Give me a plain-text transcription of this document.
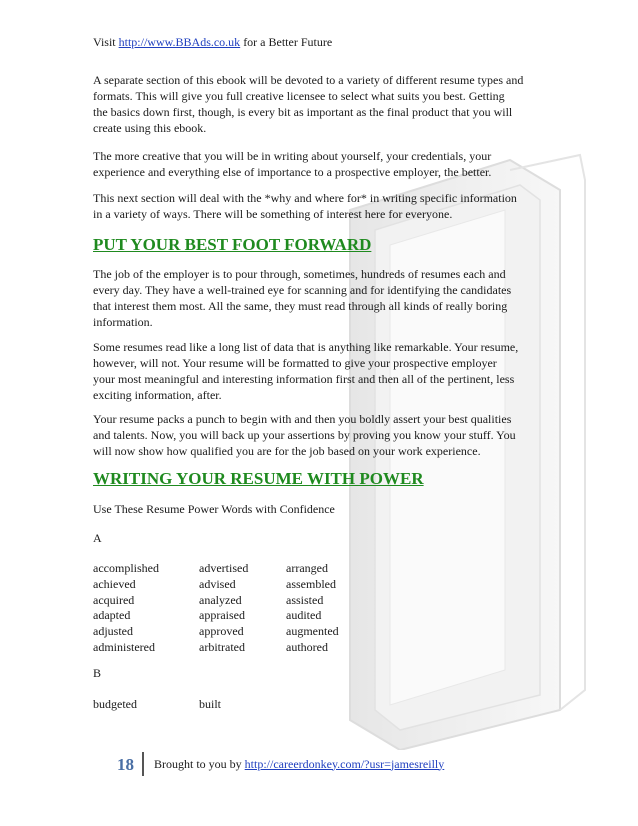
Visit http://www.BBAds.co.uk for a Better Future
A separate section of this ebook will be devoted to a variety of different resume types and
formats. This will give you full creative licensee to select what suits you best. Getting
the basics down first, though, is every bit as important as the final product that you will
create using this ebook.
The more creative that you will be in writing about yourself, your credentials, your
experience and everything else of importance to a prospective employer, the better.
This next section will deal with the *why and where for* in writing specific information
in a variety of ways. There will be something of interest here for everyone.
PUT YOUR BEST FOOT FORWARD
The job of the employer is to pour through, sometimes, hundreds of resumes each and
every day. They have a well-trained eye for scanning and for identifying the candidates
that interest them most. All the same, they must read through all kinds of really boring
information.
Some resumes read like a long list of data that is anything like remarkable. Your resume,
however, will not. Your resume will be formatted to give your prospective employer
your most meaningful and interesting information first and then all of the pertinent, less
exciting information, after.
Your resume packs a punch to begin with and then you boldly assert your best qualities
and talents. Now, you will back up your assertions by proving you know your stuff. You
will now show how qualified you are for the job based on your work experience.
WRITING YOUR RESUME WITH POWER
Use These Resume Power Words with Confidence
A
accomplished	advertised	arranged
achieved	advised	assembled
acquired	analyzed	assisted
adapted	appraised	audited
adjusted	approved	augmented
administered	arbitrated	authored
B
budgeted	built
18	Brought to you by http://careerdonkey.com/?usr=jamesreilly
